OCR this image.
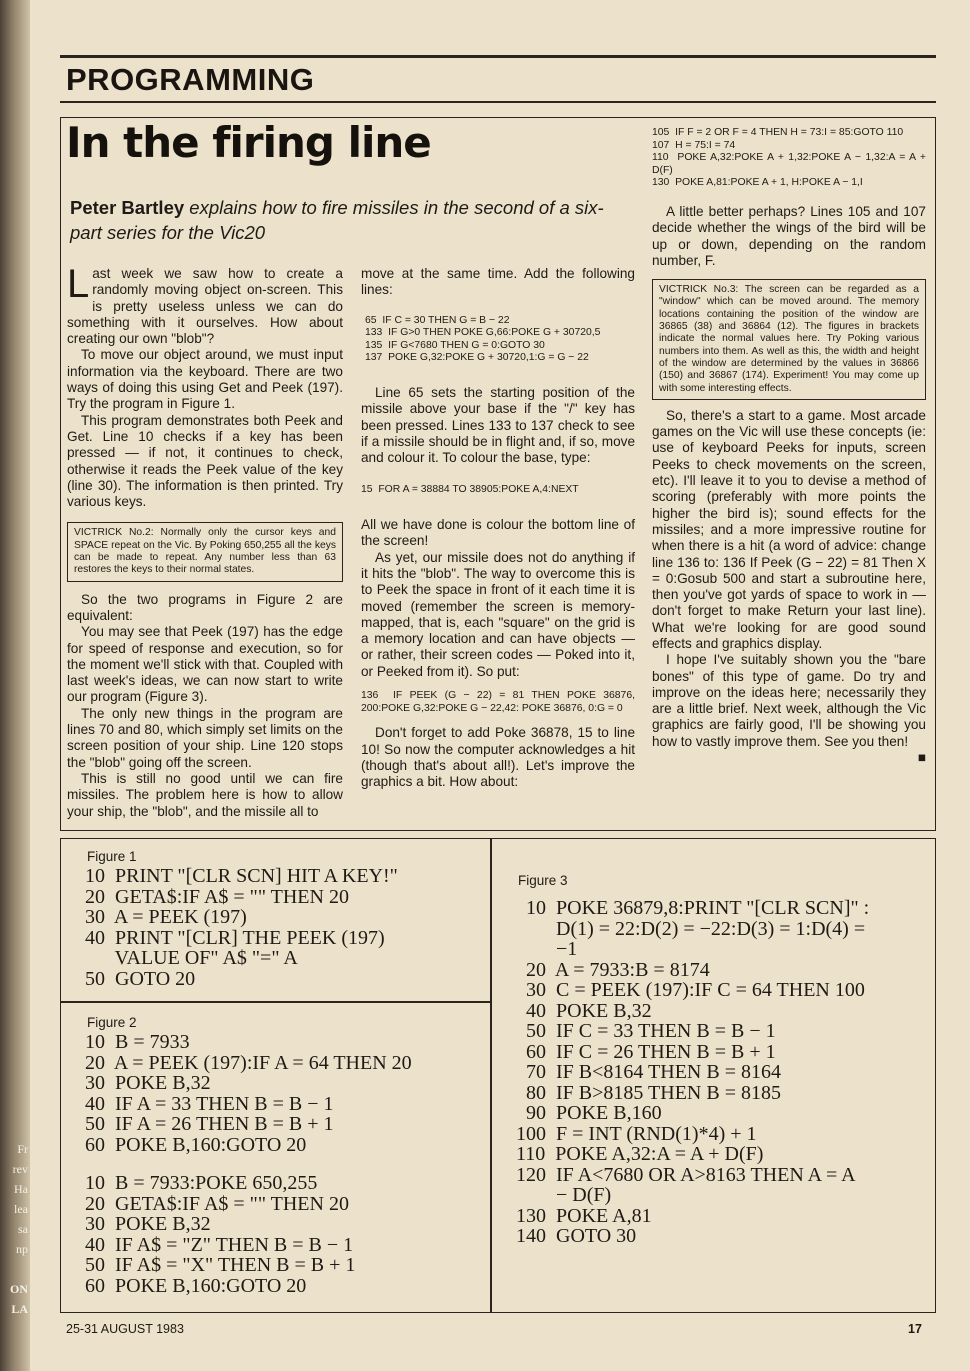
Fr
rev
Ha
lea
sa
np
ON
LA
PROGRAMMING
In the firing line
Peter Bartley explains how to fire missiles in the second of a six-part series for the Vic20

Last week we saw how to create a randomly moving object on-screen. This is pretty useless unless we can do something with it ourselves. How about creating our own "blob"?

To move our object around, we must input information via the keyboard. There are two ways of doing this using Get and Peek (197). Try the program in Figure 1.

This program demonstrates both Peek and Get. Line 10 checks if a key has been pressed — if not, it continues to check, otherwise it reads the Peek value of the key (line 30). The information is then printed. Try various keys.

VICTRICK No.2: Normally only the cursor keys and SPACE repeat on the Vic. By Poking 650,255 all the keys can be made to repeat. Any number less than 63 restores the keys to their normal states.

So the two programs in Figure 2 are equivalent:

You may see that Peek (197) has the edge for speed of response and execution, so for the moment we'll stick with that. Coupled with last week's ideas, we can now start to write our program (Figure 3).

The only new things in the program are lines 70 and 80, which simply set limits on the screen position of your ship. Line 120 stops the "blob" going off the screen.

This is still no good until we can fire missiles. The problem here is how to allow your ship, the "blob", and the missile all to

move at the same time. Add the following lines:

65  IF C = 30 THEN G = B − 22
133  IF G>0 THEN POKE G,66:POKE G + 30720,5
135  IF G<7680 THEN G = 0:GOTO 30
137  POKE G,32:POKE G + 30720,1:G = G − 22

Line 65 sets the starting position of the missile above your base if the "/" key has been pressed. Lines 133 to 137 check to see if a missile should be in flight and, if so, move and colour it. To colour the base, type:

15  FOR A = 38884 TO 38905:POKE A,4:NEXT

All we have done is colour the bottom line of the screen!

As yet, our missile does not do anything if it hits the "blob". The way to overcome this is to Peek the space in front of it each time it is moved (remember the screen is memory-mapped, that is, each "square" on the grid is a memory location and can have objects — or rather, their screen codes — Poked into it, or Peeked from it). So put:

136  IF PEEK (G − 22) = 81 THEN POKE 36876, 200:POKE G,32:POKE G − 22,42: POKE 36876, 0:G = 0

Don't forget to add Poke 36878, 15 to line 10! So now the computer acknowledges a hit (though that's about all!). Let's improve the graphics a bit. How about:

105  IF F = 2 OR F = 4 THEN H = 73:I = 85:GOTO 110
107  H = 75:I = 74
110  POKE A,32:POKE A + 1,32:POKE A − 1,32:A = A + D(F)
130  POKE A,81:POKE A + 1, H:POKE A − 1,I

A little better perhaps? Lines 105 and 107 decide whether the wings of the bird will be up or down, depending on the random number, F.

VICTRICK No.3: The screen can be regarded as a "window" which can be moved around. The memory locations containing the position of the window are 36865 (38) and 36864 (12). The figures in brackets indicate the normal values here. Try Poking various numbers into them. As well as this, the width and height of the window are determined by the values in 36866 (150) and 36867 (174). Experiment! You may come up with some interesting effects.

So, there's a start to a game. Most arcade games on the Vic will use these concepts (ie: use of keyboard Peeks for inputs, screen Peeks to check movements on the screen, etc). I'll leave it to you to devise a method of scoring (preferably with more points the higher the bird is); sound effects for the missiles; and a more impressive routine for when there is a hit (a word of advice: change line 136 to: 136 If Peek (G − 22) = 81 Then X = 0:Gosub 500 and start a subroutine here, then you've got yards of space to work in — don't forget to make Return your last line). What we're looking for are good sound effects and graphics display.

I hope I've suitably shown you the "bare bones" of this type of game. Do try and improve on the ideas here; necessarily they are a little brief. Next week, although the Vic graphics are fairly good, I'll be showing you how to vastly improve them. See you then!
■

Figure 1
10  PRINT "[CLR SCN] HIT A KEY!"
20  GETA$:IF A$ = "" THEN 20
30  A = PEEK (197)
40  PRINT "[CLR] THE PEEK (197)
VALUE OF" A$ "=" A
50  GOTO 20
Figure 2
10  B = 7933
20  A = PEEK (197):IF A = 64 THEN 20
30  POKE B,32
40  IF A = 33 THEN B = B − 1
50  IF A = 26 THEN B = B + 1
60  POKE B,160:GOTO 20
10  B = 7933:POKE 650,255
20  GETA$:IF A$ = "" THEN 20
30  POKE B,32
40  IF A$ = "Z" THEN B = B − 1
50  IF A$ = "X" THEN B = B + 1
60  POKE B,160:GOTO 20
Figure 3
10  POKE 36879,8:PRINT "[CLR SCN]" :
D(1) = 22:D(2) = −22:D(3) = 1:D(4) =
−1
20  A = 7933:B = 8174
30  C = PEEK (197):IF C = 64 THEN 100
40  POKE B,32
50  IF C = 33 THEN B = B − 1
60  IF C = 26 THEN B = B + 1
70  IF B<8164 THEN B = 8164
80  IF B>8185 THEN B = 8185
90  POKE B,160
100  F = INT (RND(1)*4) + 1
110  POKE A,32:A = A + D(F)
120  IF A<7680 OR A>8163 THEN A = A
− D(F)
130  POKE A,81
140  GOTO 30
25-31 AUGUST 1983	17
